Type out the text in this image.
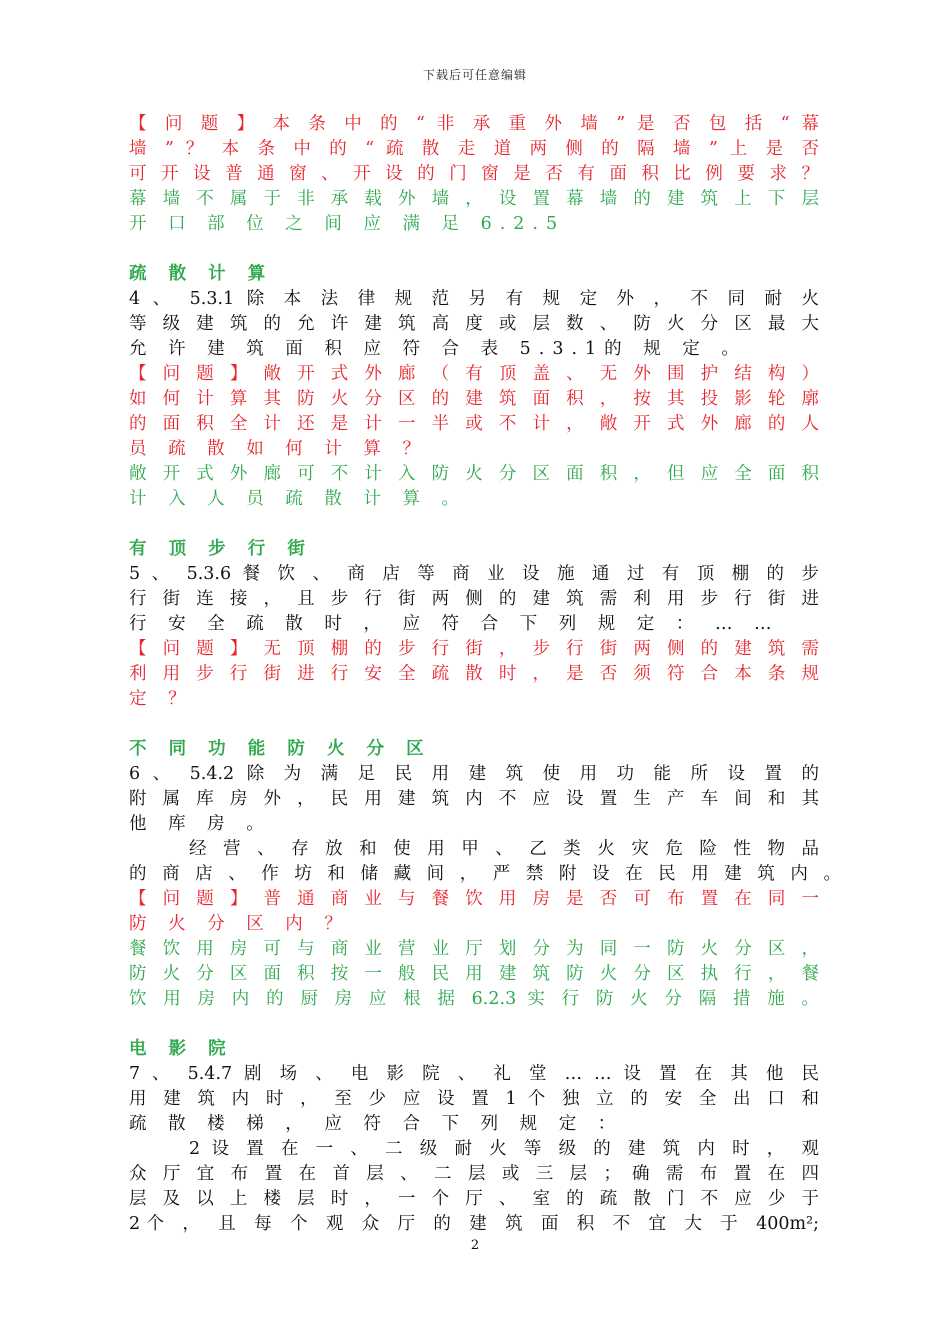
下载后可任意编辑
【 问 题 】 本 条 中 的 “ 非 承 重 外 墙 ” 是 否 包 括 “ 幕
墙 ” ？ 本 条 中 的 “ 疏 散 走 道 两 侧 的 隔 墙 ” 上 是 否
可 开 设 普 通 窗 、 开 设 的 门 窗 是 否 有 面 积 比 例 要 求 ？
幕 墙 不 属 于 非 承 载 外 墙 ， 设 置 幕 墙 的 建 筑 上 下 层
开 口 部 位 之 间 应 满 足 6.2.5
疏 散 计 算
4 、 5.3.1 除 本 法 律 规 范 另 有 规 定 外 ， 不 同 耐 火
等 级 建 筑 的 允 许 建 筑 高 度 或 层 数 、 防 火 分 区 最 大
允 许 建 筑 面 积 应 符 合 表 5.3.1的 规 定 。
【 问 题 】 敞 开 式 外 廊 （ 有 顶 盖 、 无 外 围 护 结 构 ）
如 何 计 算 其 防 火 分 区 的 建 筑 面 积 ， 按 其 投 影 轮 廓
的 面 积 全 计 还 是 计 一 半 或 不 计 ， 敞 开 式 外 廊 的 人
员 疏 散 如 何 计 算 ？
敞 开 式 外 廊 可 不 计 入 防 火 分 区 面 积 ， 但 应 全 面 积
计 入 人 员 疏 散 计 算 。
有 顶 步 行 街
5 、 5.3.6 餐 饮 、 商 店 等 商 业 设 施 通 过 有 顶 棚 的 步
行 街 连 接 ， 且 步 行 街 两 侧 的 建 筑 需 利 用 步 行 街 进
行 安 全 疏 散 时 ， 应 符 合 下 列 规 定 ： … …
【 问 题 】 无 顶 棚 的 步 行 街 ， 步 行 街 两 侧 的 建 筑 需
利 用 步 行 街 进 行 安 全 疏 散 时 ， 是 否 须 符 合 本 条 规
定 ？
不 同 功 能 防 火 分 区
6 、 5.4.2 除 为 满 足 民 用 建 筑 使 用 功 能 所 设 置 的
附 属 库 房 外 ， 民 用 建 筑 内 不 应 设 置 生 产 车 间 和 其
他 库 房 。
经 营 、 存 放 和 使 用 甲 、 乙 类 火 灾 危 险 性 物 品
的 商 店 、 作 坊 和 储 藏 间 ， 严 禁 附 设 在 民 用 建 筑 内 。
【 问 题 】 普 通 商 业 与 餐 饮 用 房 是 否 可 布 置 在 同 一
防 火 分 区 内 ？
餐 饮 用 房 可 与 商 业 营 业 厅 划 分 为 同 一 防 火 分 区 ，
防 火 分 区 面 积 按 一 般 民 用 建 筑 防 火 分 区 执 行 ， 餐
饮 用 房 内 的 厨 房 应 根 据 6.2.3 实 行 防 火 分 隔 措 施 。
电 影 院
7 、 5.4.7 剧 场 、 电 影 院 、 礼 堂 … … 设 置 在 其 他 民
用 建 筑 内 时 ， 至 少 应 设 置 1 个 独 立 的 安 全 出 口 和
疏 散 楼 梯 ， 应 符 合 下 列 规 定 ：
2 设 置 在 一 、 二 级 耐 火 等 级 的 建 筑 内 时 ， 观
众 厅 宜 布 置 在 首 层 、 二 层 或 三 层 ； 确 需 布 置 在 四
层 及 以 上 楼 层 时 ， 一 个 厅 、 室 的 疏 散 门 不 应 少 于
2个 ， 且 每 个 观 众 厅 的 建 筑 面 积 不 宜 大 于 400m²;
2
